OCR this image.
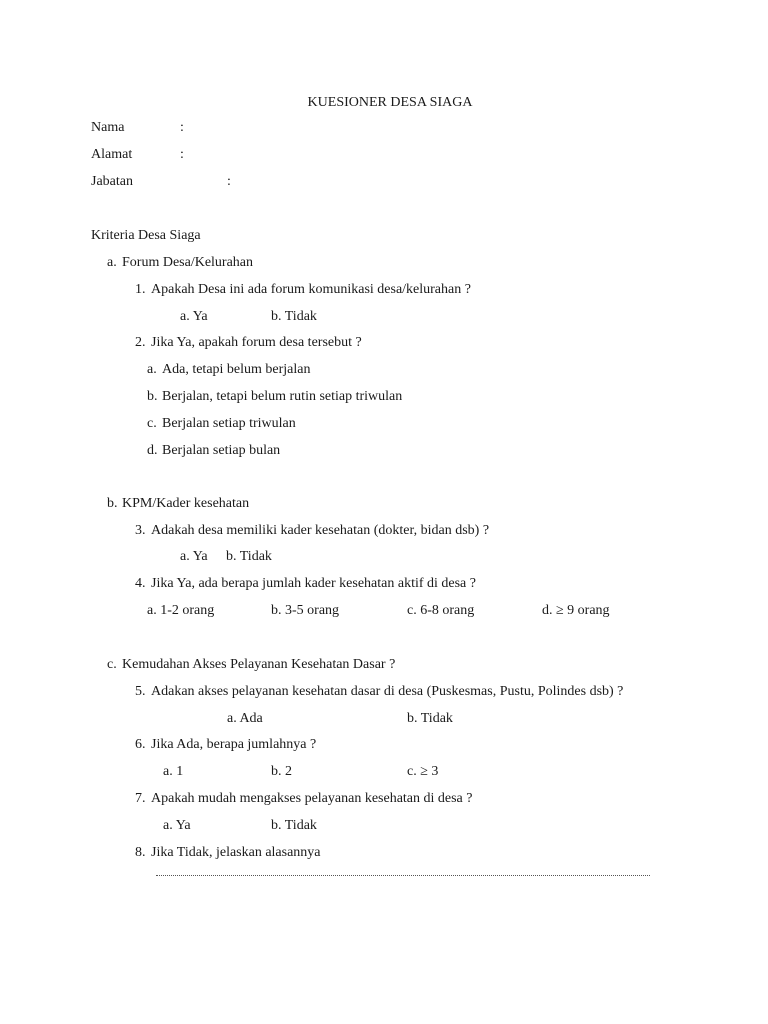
KUESIONER DESA SIAGA
Nama	:
Alamat	:
Jabatan	:
Kriteria Desa Siaga
a. Forum Desa/Kelurahan
1. Apakah Desa ini ada forum komunikasi desa/kelurahan ?
a. Ya	b. Tidak
2. Jika Ya, apakah forum desa tersebut ?
a. Ada, tetapi belum berjalan
b. Berjalan, tetapi belum rutin setiap triwulan
c. Berjalan setiap triwulan
d. Berjalan setiap bulan
b. KPM/Kader kesehatan
3. Adakah desa memiliki kader kesehatan (dokter, bidan dsb) ?
a. Ya b. Tidak
4. Jika Ya, ada berapa jumlah kader kesehatan aktif di desa ?
a. 1-2 orang	b. 3-5 orang	c. 6-8 orang	d. ≥ 9 orang
c. Kemudahan Akses Pelayanan Kesehatan Dasar ?
5. Adakan akses pelayanan kesehatan dasar di desa (Puskesmas, Pustu, Polindes dsb) ?
a. Ada	b. Tidak
6. Jika Ada, berapa jumlahnya ?
a. 1	b. 2	c. ≥ 3
7. Apakah mudah mengakses pelayanan kesehatan di desa ?
a. Ya	b. Tidak
8. Jika Tidak, jelaskan alasannya
